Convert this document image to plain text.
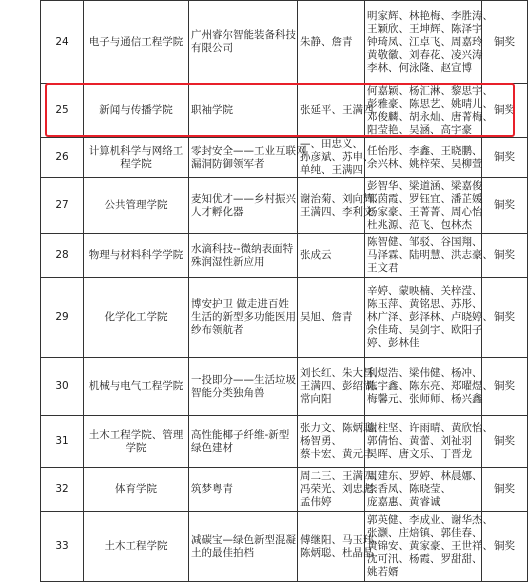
24	电子与通信工程学院	广州睿尔智能装备科技
有限公司	朱静、詹青	明家辉、林艳梅、李胜涛、
王颖欣、王坤辉、陈泽宇
钟琦凤、江卓飞、周嘉玲
黄敬徽、刘春花、凌兴涛
李林、何泳隆、赵宣博	铜奖
25	新闻与传播学院	职袖学院	张延平、王满四	何嘉颖、杨汇淋、黎思宇、
彭雅豪、陈思艺、姚晴儿、
邓俊麟、胡永灿、唐菁梅、
阳莹艳、吴涵、高宇豪	铜奖
26	计算机科学与网络工程学院	零封安全——工业互联网
漏洞防御领军者	—、田忠义、
孙彦斌、苏申、
单纯、王满四	任怡彤、李鑫、王晓鹏、
余兴林、姚梓荣、吴柳萱	铜奖
27	公共管理学院	麦知优才——乡村振兴
人才孵化器	谢治菊、刘向辉、
王满四、李利文	彭智华、梁道涵、梁嘉俊
邹茵霞、罗钰宜、潘芷媛
杨家豪、王菁菁、周心怡
杜兆源、范飞、包林杰	铜奖
28	物理与材料科学学院	水滴科技--微纳表面特
殊润湿性新应用	张成云	陈智健、邹驳、谷国翔、
马泽霖、陆明慧、洪志豪、
王文君	铜奖
29	化学化工学院	博安护卫 做走进百姓
生活的新型多功能医用
纱布领航者	吴旭、詹青	辛婷、蒙映楠、关梓滢、
陈玉萍、黄铭思、苏彤、
林广泽、彭泽林、卢晓婷、
余佳琦、吴剑宇、欧阳子
婷、彭林佳	铜奖
30	机械与电气工程学院	一投即分——生活垃圾
智能分类独角兽	刘长红、朱大昌、
王满四、彭绍湖、
常向阳	利煜浩、梁伟健、杨冲、
陈宇鑫、陈东亮、郑曜煜、
梅馨元、张师师、杨兴鑫	铜奖
31	土木工程学院、管理学院	高性能椰子纤维-新型
绿色建材	张力文、陈炳聪、
杨智勇、
蔡卡宏、黄元丰	谢柱坚、许雨晴、黄欣怡、
郭倩怡、黄蕾、刘祉羽
吴晖、唐文乐、丁晋龙	铜奖
32	体育学院	筑梦粤青	周二三、王满四、
冯荣光、刘忠彪、
孟伟婷	周建东、罗婷、林晨娜、
李香凤、陈晓莹、
庞嘉惠、黄睿诚	铜奖
33	土木工程学院	减碳宝—绿色新型混凝
土的最佳拍档	傅继阳、马玉玮、
陈炳聪、杜晶晶	郭英健、李成业、谢华杰、
张灏、庄焙镇、郭佳春、
黄锦安、黄家豪、王世祥、
沈可汛、杨霞、罗甜甜、
姚若婿	铜奖
